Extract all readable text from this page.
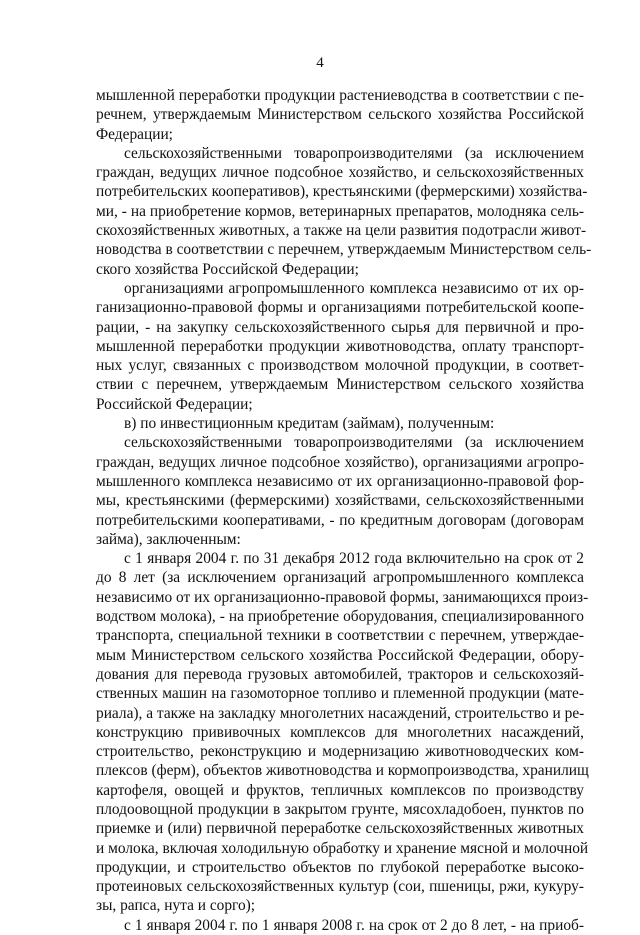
4
мышленной переработки продукции растениеводства в соответствии с пе-
речнем, утверждаемым Министерством сельского хозяйства Российской
Федерации;
сельскохозяйственными товаропроизводителями (за исключением
граждан, ведущих личное подсобное хозяйство, и сельскохозяйственных
потребительских кооперативов), крестьянскими (фермерскими) хозяйства-
ми, - на приобретение кормов, ветеринарных препаратов, молодняка сель-
скохозяйственных животных, а также на цели развития подотрасли живот-
новодства в соответствии с перечнем, утверждаемым Министерством сель-
ского хозяйства Российской Федерации;
организациями агропромышленного комплекса независимо от их ор-
ганизационно-правовой формы и организациями потребительской коопе-
рации, - на закупку сельскохозяйственного сырья для первичной и про-
мышленной переработки продукции животноводства, оплату транспорт-
ных услуг, связанных с производством молочной продукции, в соответ-
ствии с перечнем, утверждаемым Министерством сельского хозяйства
Российской Федерации;
в) по инвестиционным кредитам (займам), полученным:
сельскохозяйственными товаропроизводителями (за исключением
граждан, ведущих личное подсобное хозяйство), организациями агропро-
мышленного комплекса независимо от их организационно-правовой фор-
мы, крестьянскими (фермерскими) хозяйствами, сельскохозяйственными
потребительскими кооперативами, - по кредитным договорам (договорам
займа), заключенным:
с 1 января 2004 г. по 31 декабря 2012 года включительно на срок от 2
до 8 лет (за исключением организаций агропромышленного комплекса
независимо от их организационно-правовой формы, занимающихся произ-
водством молока), - на приобретение оборудования, специализированного
транспорта, специальной техники в соответствии с перечнем, утверждае-
мым Министерством сельского хозяйства Российской Федерации, обору-
дования для перевода грузовых автомобилей, тракторов и сельскохозяй-
ственных машин на газомоторное топливо и племенной продукции (мате-
риала), а также на закладку многолетних насаждений, строительство и ре-
конструкцию прививочных комплексов для многолетних насаждений,
строительство, реконструкцию и модернизацию животноводческих ком-
плексов (ферм), объектов животноводства и кормопроизводства, хранилищ
картофеля, овощей и фруктов, тепличных комплексов по производству
плодоовощной продукции в закрытом грунте, мясохладобоен, пунктов по
приемке и (или) первичной переработке сельскохозяйственных животных
и молока, включая холодильную обработку и хранение мясной и молочной
продукции, и строительство объектов по глубокой переработке высоко-
протеиновых сельскохозяйственных культур (сои, пшеницы, ржи, кукуру-
зы, рапса, нута и сорго);
с 1 января 2004 г. по 1 января 2008 г. на срок от 2 до 8 лет, - на приоб-
